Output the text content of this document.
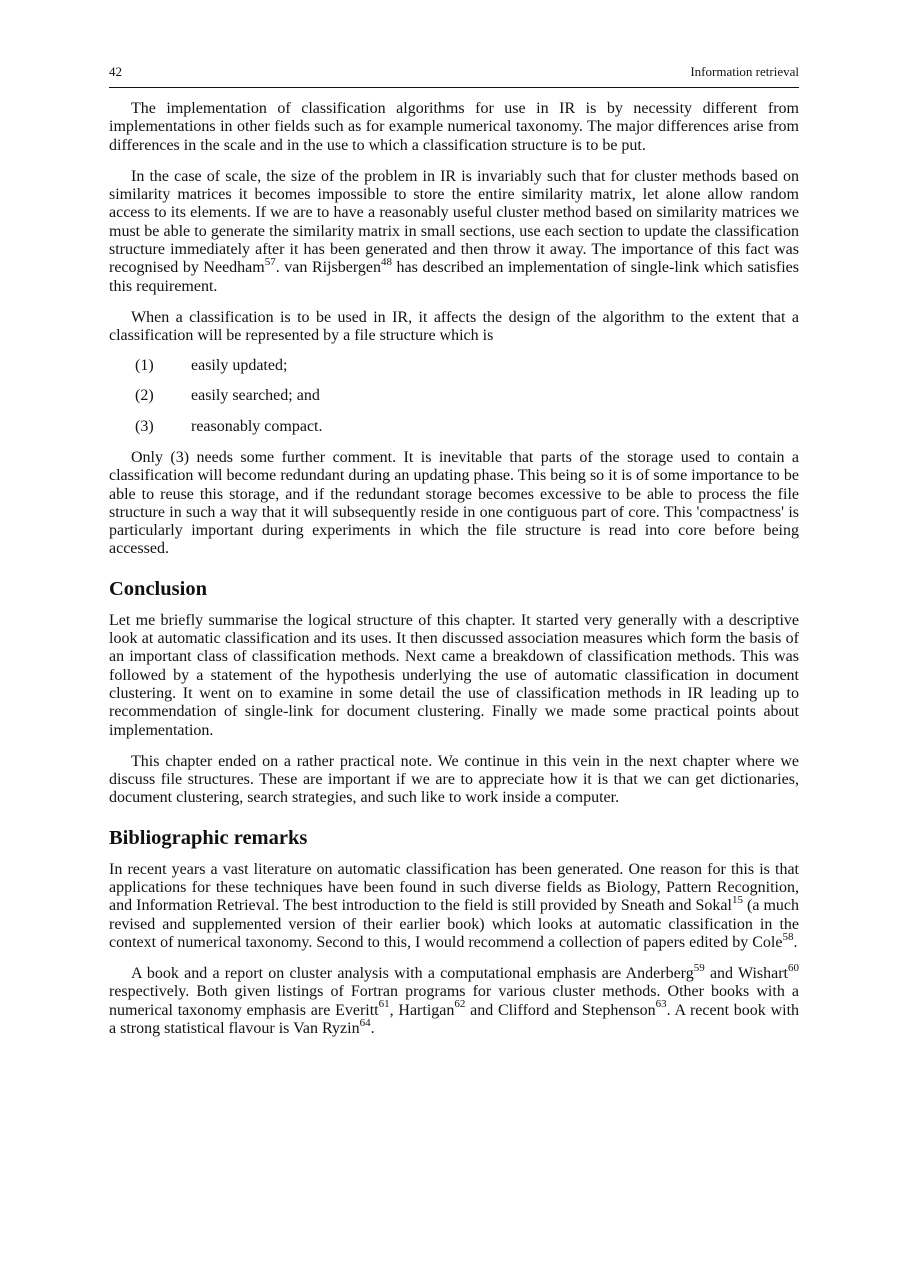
42	Information retrieval

The implementation of classification algorithms for use in IR is by necessity different from implementations in other fields such as for example numerical taxonomy. The major differences arise from differences in the scale and in the use to which a classification structure is to be put.

In the case of scale, the size of the problem in IR is invariably such that for cluster methods based on similarity matrices it becomes impossible to store the entire similarity matrix, let alone allow random access to its elements. If we are to have a reasonably useful cluster method based on similarity matrices we must be able to generate the similarity matrix in small sections, use each section to update the classification structure immediately after it has been generated and then throw it away. The importance of this fact was recognised by Needham$^{57}$. van Rijsbergen$^{48}$ has described an implementation of single-link which satisfies this requirement.

When a classification is to be used in IR, it affects the design of the algorithm to the extent that a classification will be represented by a file structure which is

(1)	easily updated;
(2)	easily searched; and
(3)	reasonably compact.

Only (3) needs some further comment. It is inevitable that parts of the storage used to contain a classification will become redundant during an updating phase. This being so it is of some importance to be able to reuse this storage, and if the redundant storage becomes excessive to be able to process the file structure in such a way that it will subsequently reside in one contiguous part of core. This 'compactness' is particularly important during experiments in which the file structure is read into core before being accessed.

Conclusion

Let me briefly summarise the logical structure of this chapter. It started very generally with a descriptive look at automatic classification and its uses. It then discussed association measures which form the basis of an important class of classification methods. Next came a breakdown of classification methods. This was followed by a statement of the hypothesis underlying the use of automatic classification in document clustering. It went on to examine in some detail the use of classification methods in IR leading up to recommendation of single-link for document clustering. Finally we made some practical points about implementation.

This chapter ended on a rather practical note. We continue in this vein in the next chapter where we discuss file structures. These are important if we are to appreciate how it is that we can get dictionaries, document clustering, search strategies, and such like to work inside a computer.

Bibliographic remarks

In recent years a vast literature on automatic classification has been generated. One reason for this is that applications for these techniques have been found in such diverse fields as Biology, Pattern Recognition, and Information Retrieval. The best introduction to the field is still provided by Sneath and Sokal$^{15}$ (a much revised and supplemented version of their earlier book) which looks at automatic classification in the context of numerical taxonomy. Second to this, I would recommend a collection of papers edited by Cole$^{58}$.

A book and a report on cluster analysis with a computational emphasis are Anderberg$^{59}$ and Wishart$^{60}$ respectively. Both given listings of Fortran programs for various cluster methods. Other books with a numerical taxonomy emphasis are Everitt$^{61}$, Hartigan$^{62}$ and Clifford and Stephenson$^{63}$. A recent book with a strong statistical flavour is Van Ryzin$^{64}$.
